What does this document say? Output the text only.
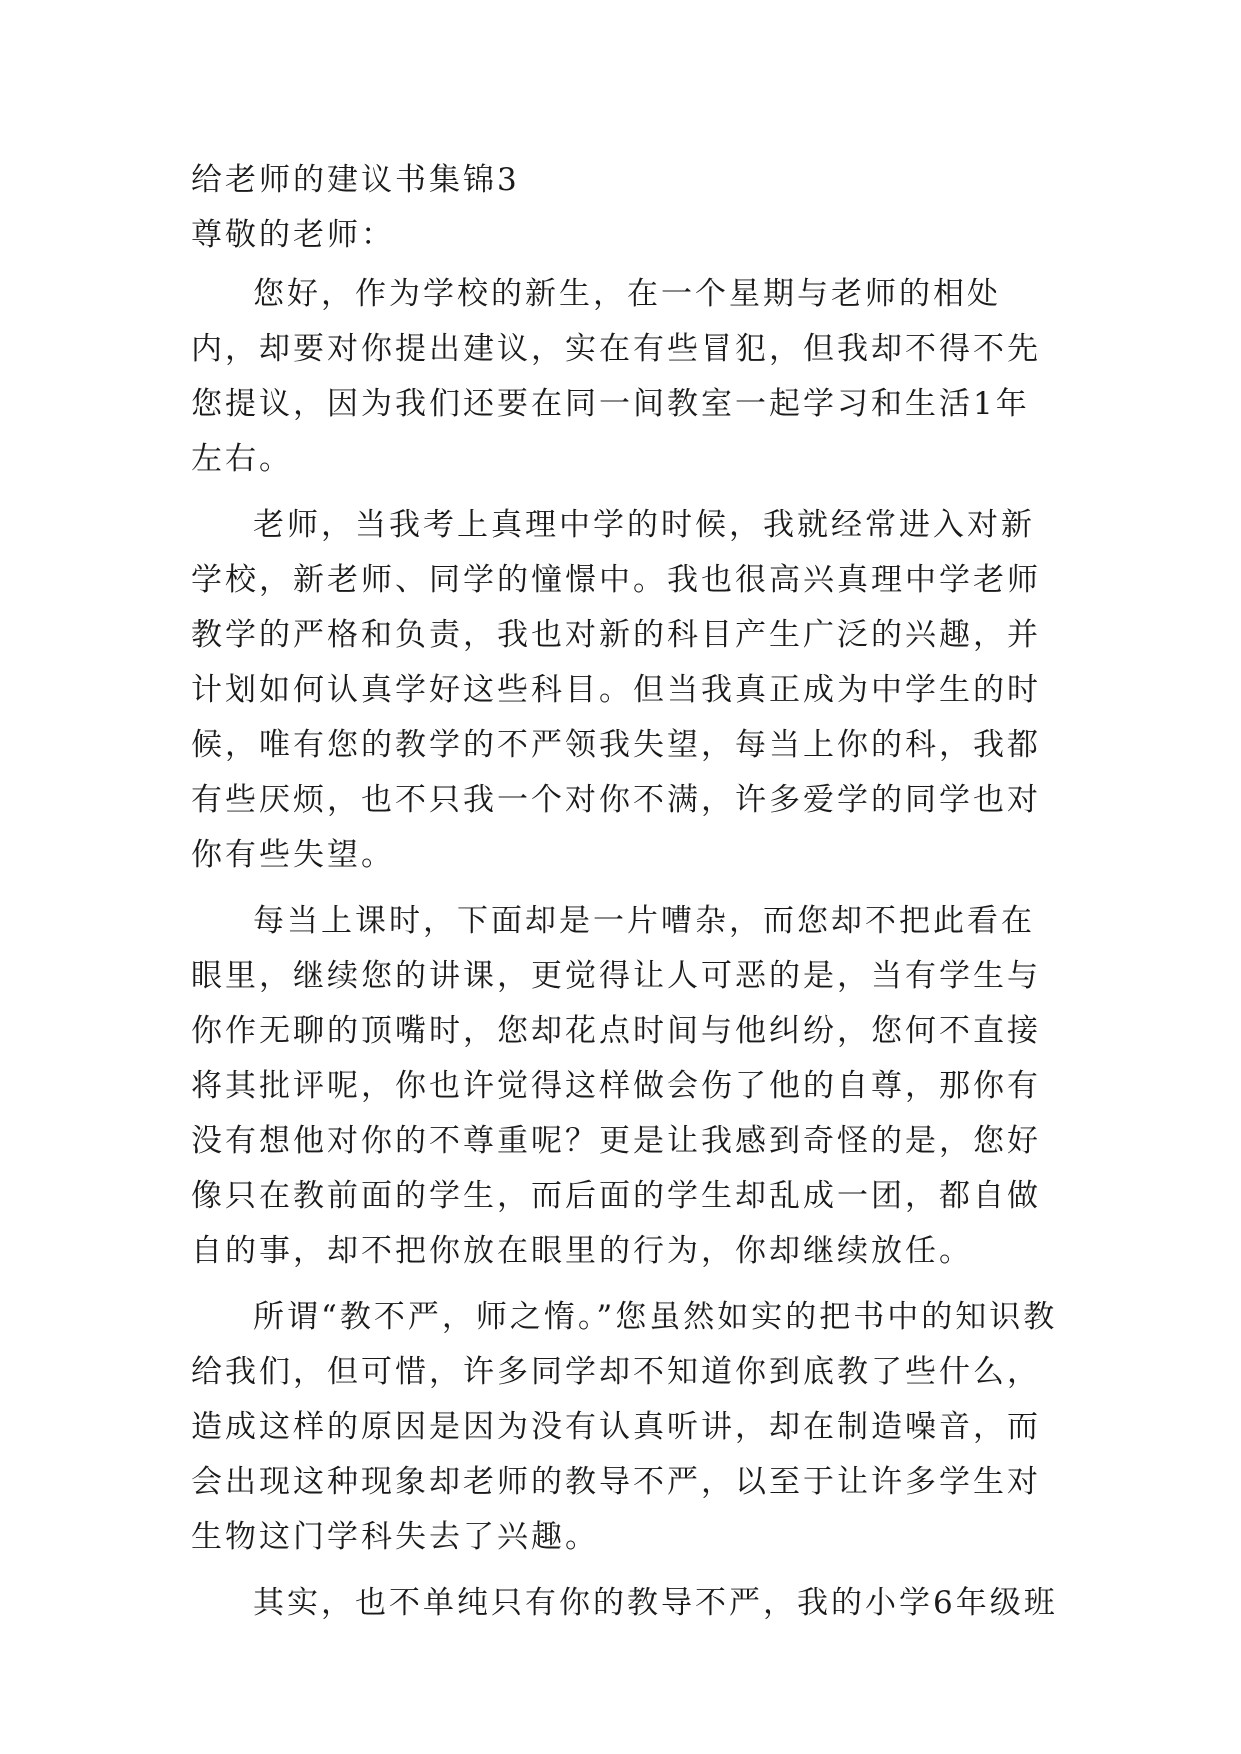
给老师的建议书集锦3

尊敬的老师：

您好，作为学校的新生，在一个星期与老师的相处内，却要对你提出建议，实在有些冒犯，但我却不得不先您提议，因为我们还要在同一间教室一起学习和生活1年左右。

老师，当我考上真理中学的时候，我就经常进入对新学校，新老师、同学的憧憬中。我也很高兴真理中学老师教学的严格和负责，我也对新的科目产生广泛的兴趣，并计划如何认真学好这些科目。但当我真正成为中学生的时候，唯有您的教学的不严领我失望，每当上你的科，我都有些厌烦，也不只我一个对你不满，许多爱学的同学也对你有些失望。

每当上课时，下面却是一片嘈杂，而您却不把此看在眼里，继续您的讲课，更觉得让人可恶的是，当有学生与你作无聊的顶嘴时，您却花点时间与他纠纷，您何不直接将其批评呢，你也许觉得这样做会伤了他的自尊，那你有没有想他对你的不尊重呢？更是让我感到奇怪的是，您好像只在教前面的学生，而后面的学生却乱成一团，都自做自的事，却不把你放在眼里的行为，你却继续放任。

所谓“教不严，师之惰。”您虽然如实的把书中的知识教给我们，但可惜，许多同学却不知道你到底教了些什么，造成这样的原因是因为没有认真听讲，却在制造噪音，而会出现这种现象却老师的教导不严，以至于让许多学生对生物这门学科失去了兴趣。

其实，也不单纯只有你的教导不严，我的小学6年级班
